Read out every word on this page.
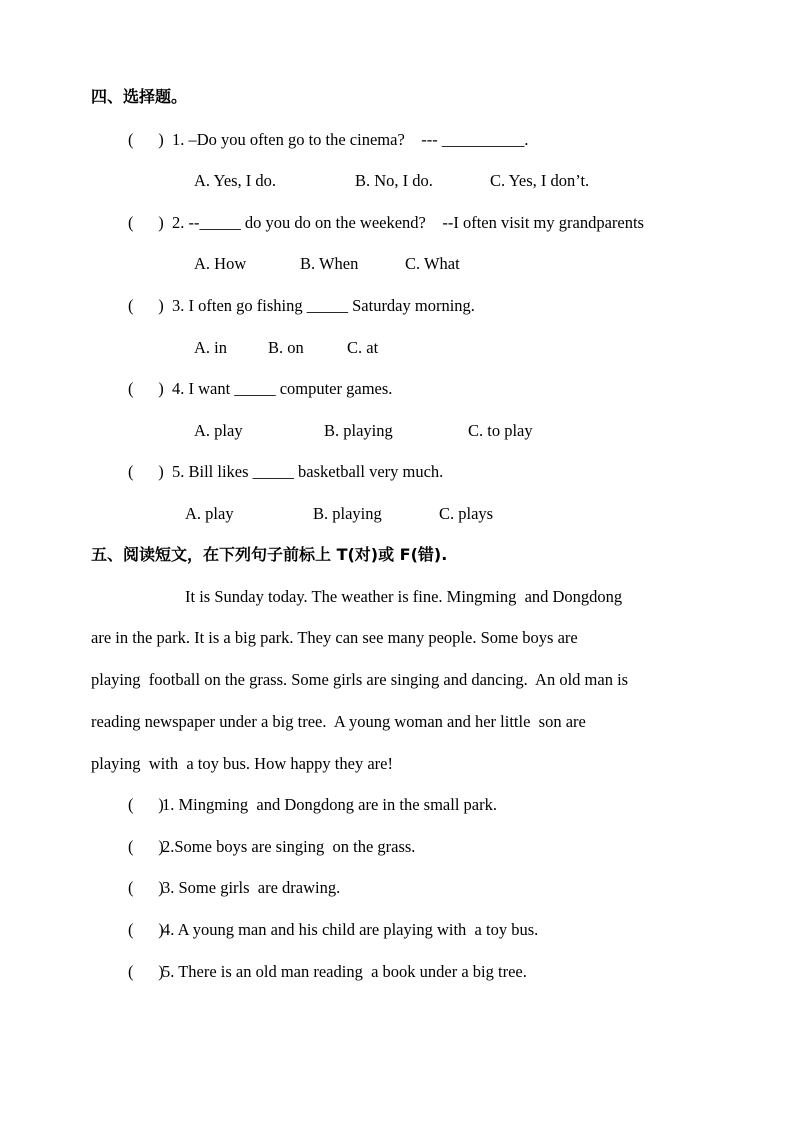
四、选择题。
(      ) 1. –Do you often go to the cinema?    --- __________.
A. Yes, I do.	B. No, I do.	C. Yes, I don’t.
(      ) 2. --_____ do you do on the weekend?    --I often visit my grandparents
A. How	B. When	C. What
(      ) 3. I often go fishing _____ Saturday morning.
A. in B. on	C. at
(      ) 4. I want _____ computer games.
A. play	B. playing	C. to play
(      ) 5. Bill likes _____ basketball very much.
A. play	B. playing	C. plays
五、阅读短文，在下列句子前标上 T(对)或 F(错).
It is Sunday today. The weather is fine. Mingming  and Dongdong
are in the park. It is a big park. They can see many people. Some boys are
playing  football on the grass. Some girls are singing and dancing.  An old man is
reading newspaper under a big tree.  A young woman and her little  son are
playing  with  a toy bus. How happy they are!
(      )
1. Mingming  and Dongdong are in the small park.
(      )
2.Some boys are singing  on the grass.
(      )
3. Some girls  are drawing.
(      )
4. A young man and his child are playing with  a toy bus.
(      )
5. There is an old man reading  a book under a big tree.
